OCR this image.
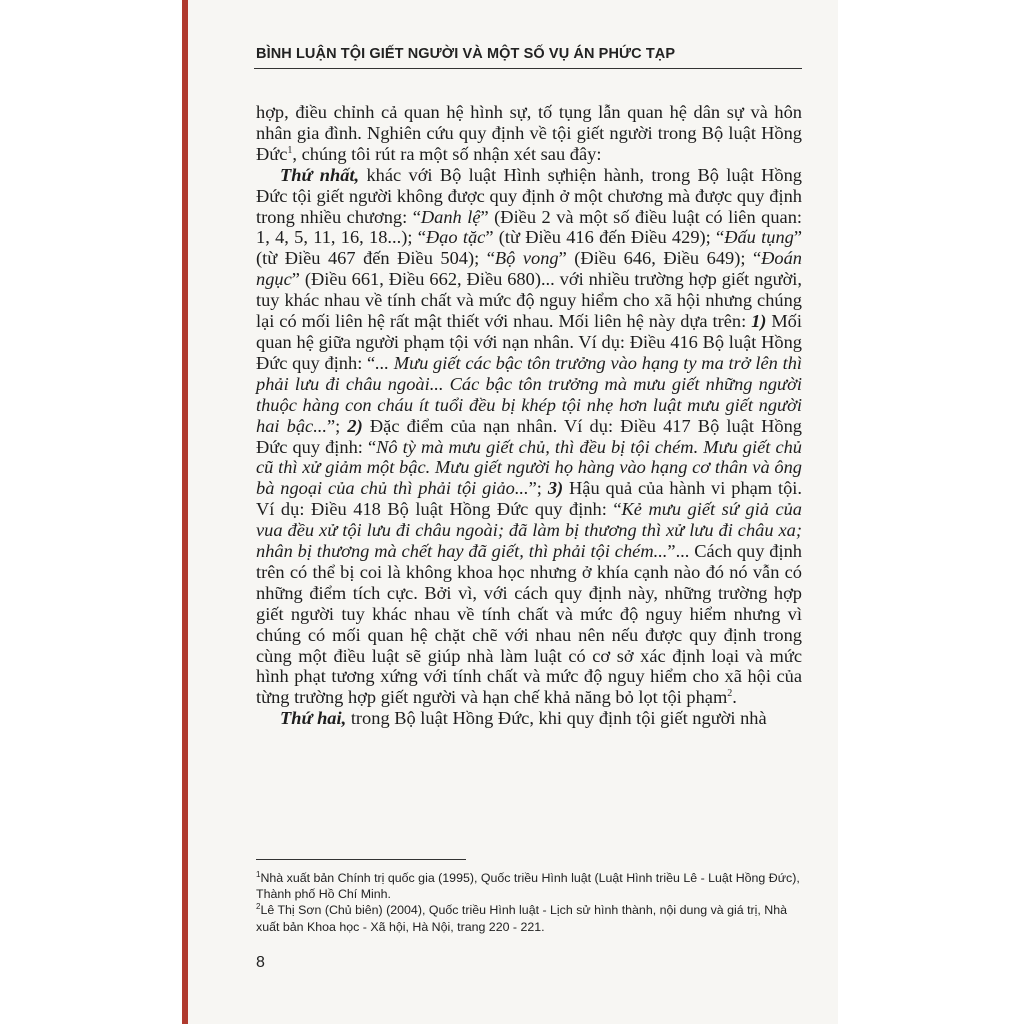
BÌNH LUẬN TỘI GIẾT NGƯỜI VÀ MỘT SỐ VỤ ÁN PHỨC TẠP

hợp, điều chỉnh cả quan hệ hình sự, tố tụng lẫn quan hệ dân sự và hôn nhân gia đình. Nghiên cứu quy định về tội giết người trong Bộ luật Hồng Đức$^1$, chúng tôi rút ra một số nhận xét sau đây:

Thứ nhất, khác với Bộ luật Hình sựhiện hành, trong Bộ luật Hồng Đức tội giết người không được quy định ở một chương mà được quy định trong nhiều chương: “Danh lệ” (Điều 2 và một số điều luật có liên quan: 1, 4, 5, 11, 16, 18...); “Đạo tặc” (từ Điều 416 đến Điều 429); “Đấu tụng” (từ Điều 467 đến Điều 504); “Bộ vong” (Điều 646, Điều 649); “Đoán ngục” (Điều 661, Điều 662, Điều 680)... với nhiều trường hợp giết người, tuy khác nhau về tính chất và mức độ nguy hiểm cho xã hội nhưng chúng lại có mối liên hệ rất mật thiết với nhau. Mối liên hệ này dựa trên: 1) Mối quan hệ giữa người phạm tội với nạn nhân. Ví dụ: Điều 416 Bộ luật Hồng Đức quy định: “... Mưu giết các bậc tôn trưởng vào hạng ty ma trở lên thì phải lưu đi châu ngoài... Các bậc tôn trưởng mà mưu giết những người thuộc hàng con cháu ít tuổi đều bị khép tội nhẹ hơn luật mưu giết người hai bậc...”; 2) Đặc điểm của nạn nhân. Ví dụ: Điều 417 Bộ luật Hồng Đức quy định: “Nô tỳ mà mưu giết chủ, thì đều bị tội chém. Mưu giết chủ cũ thì xử giảm một bậc. Mưu giết người họ hàng vào hạng cơ thân và ông bà ngoại của chủ thì phải tội giảo...”; 3) Hậu quả của hành vi phạm tội. Ví dụ: Điều 418 Bộ luật Hồng Đức quy định: “Kẻ mưu giết sứ giả của vua đều xử tội lưu đi châu ngoài; đã làm bị thương thì xử lưu đi châu xa; nhân bị thương mà chết hay đã giết, thì phải tội chém...”... Cách quy định trên có thể bị coi là không khoa học nhưng ở khía cạnh nào đó nó vẫn có những điểm tích cực. Bởi vì, với cách quy định này, những trường hợp giết người tuy khác nhau về tính chất và mức độ nguy hiểm nhưng vì chúng có mối quan hệ chặt chẽ với nhau nên nếu được quy định trong cùng một điều luật sẽ giúp nhà làm luật có cơ sở xác định loại và mức hình phạt tương xứng với tính chất và mức độ nguy hiểm cho xã hội của từng trường hợp giết người và hạn chế khả năng bỏ lọt tội phạm$^2$.

Thứ hai, trong Bộ luật Hồng Đức, khi quy định tội giết người nhà

$^1$Nhà xuất bản Chính trị quốc gia (1995), Quốc triều Hình luật (Luật Hình triều Lê - Luật Hồng Đức), Thành phố Hồ Chí Minh.

$^2$Lê Thị Sơn (Chủ biên) (2004), Quốc triều Hình luật - Lịch sử hình thành, nội dung và giá trị, Nhà xuất bản Khoa học - Xã hội, Hà Nội, trang 220 - 221.

8
